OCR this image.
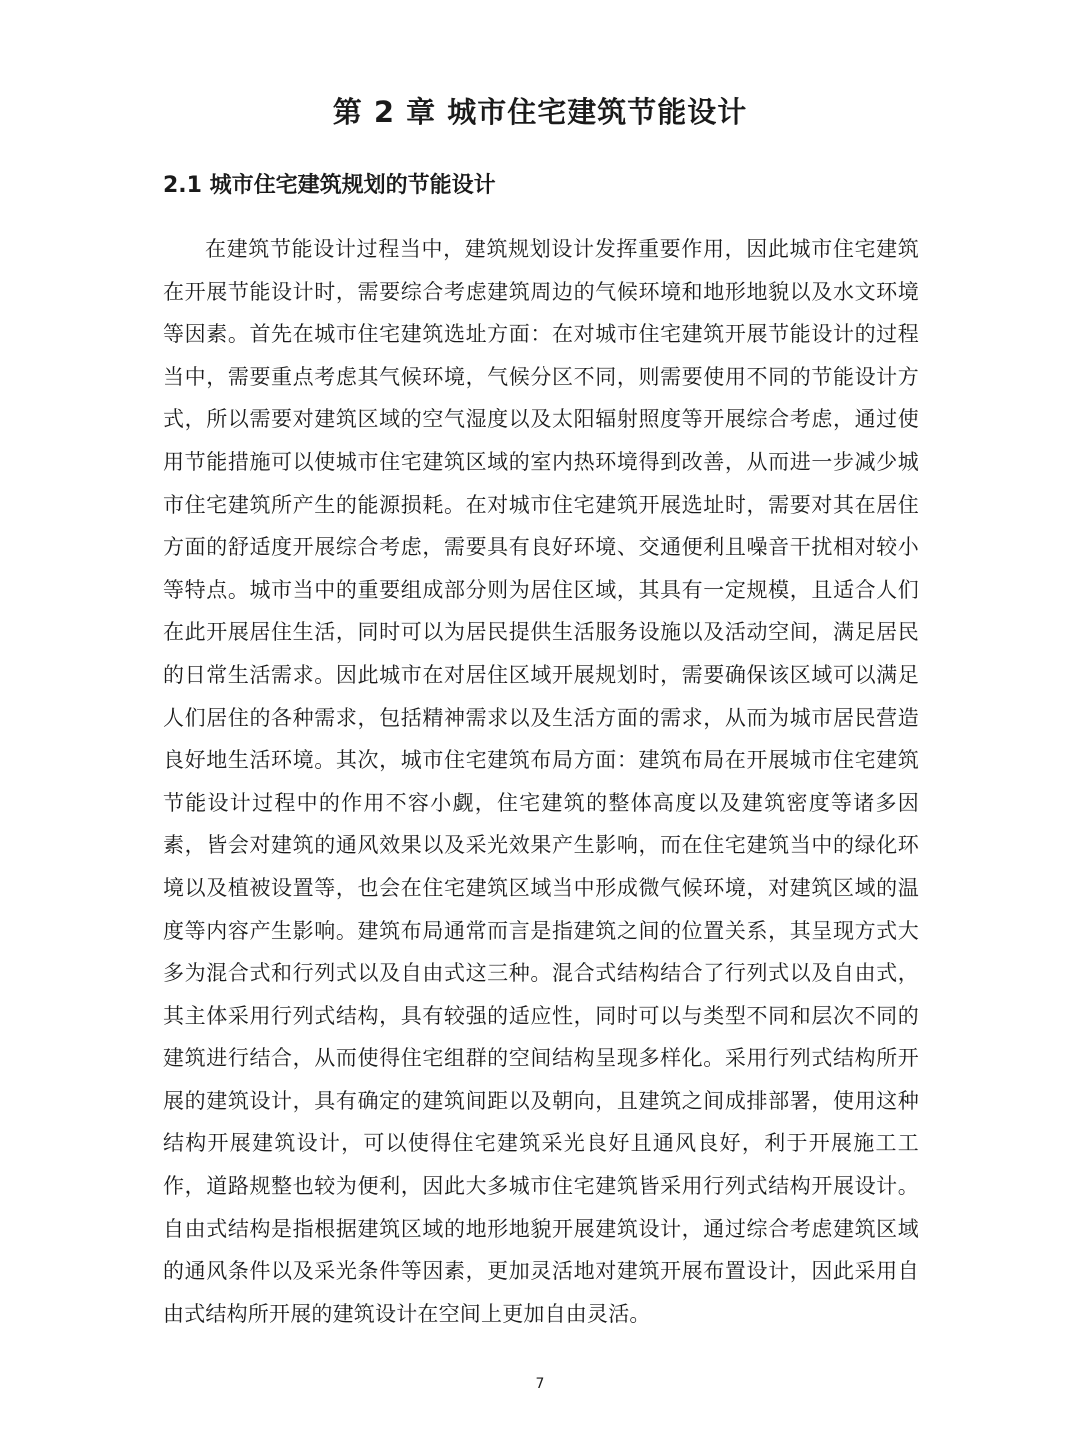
第 2 章 城市住宅建筑节能设计
2.1 城市住宅建筑规划的节能设计

在建筑节能设计过程当中，建筑规划设计发挥重要作用，因此城市住宅建筑在开展节能设计时，需要综合考虑建筑周边的气候环境和地形地貌以及水文环境等因素。首先在城市住宅建筑选址方面：在对城市住宅建筑开展节能设计的过程当中，需要重点考虑其气候环境，气候分区不同，则需要使用不同的节能设计方式，所以需要对建筑区域的空气湿度以及太阳辐射照度等开展综合考虑，通过使用节能措施可以使城市住宅建筑区域的室内热环境得到改善，从而进一步减少城市住宅建筑所产生的能源损耗。在对城市住宅建筑开展选址时，需要对其在居住方面的舒适度开展综合考虑，需要具有良好环境、交通便利且噪音干扰相对较小等特点。城市当中的重要组成部分则为居住区域，其具有一定规模，且适合人们在此开展居住生活，同时可以为居民提供生活服务设施以及活动空间，满足居民的日常生活需求。因此城市在对居住区域开展规划时，需要确保该区域可以满足人们居住的各种需求，包括精神需求以及生活方面的需求，从而为城市居民营造良好地生活环境。其次，城市住宅建筑布局方面：建筑布局在开展城市住宅建筑节能设计过程中的作用不容小觑，住宅建筑的整体高度以及建筑密度等诸多因素，皆会对建筑的通风效果以及采光效果产生影响，而在住宅建筑当中的绿化环境以及植被设置等，也会在住宅建筑区域当中形成微气候环境，对建筑区域的温度等内容产生影响。建筑布局通常而言是指建筑之间的位置关系，其呈现方式大多为混合式和行列式以及自由式这三种。混合式结构结合了行列式以及自由式，其主体采用行列式结构，具有较强的适应性，同时可以与类型不同和层次不同的建筑进行结合，从而使得住宅组群的空间结构呈现多样化。采用行列式结构所开展的建筑设计，具有确定的建筑间距以及朝向，且建筑之间成排部署，使用这种结构开展建筑设计，可以使得住宅建筑采光良好且通风良好，利于开展施工工作，道路规整也较为便利，因此大多城市住宅建筑皆采用行列式结构开展设计。自由式结构是指根据建筑区域的地形地貌开展建筑设计，通过综合考虑建筑区域的通风条件以及采光条件等因素，更加灵活地对建筑开展布置设计，因此采用自由式结构所开展的建筑设计在空间上更加自由灵活。

7
